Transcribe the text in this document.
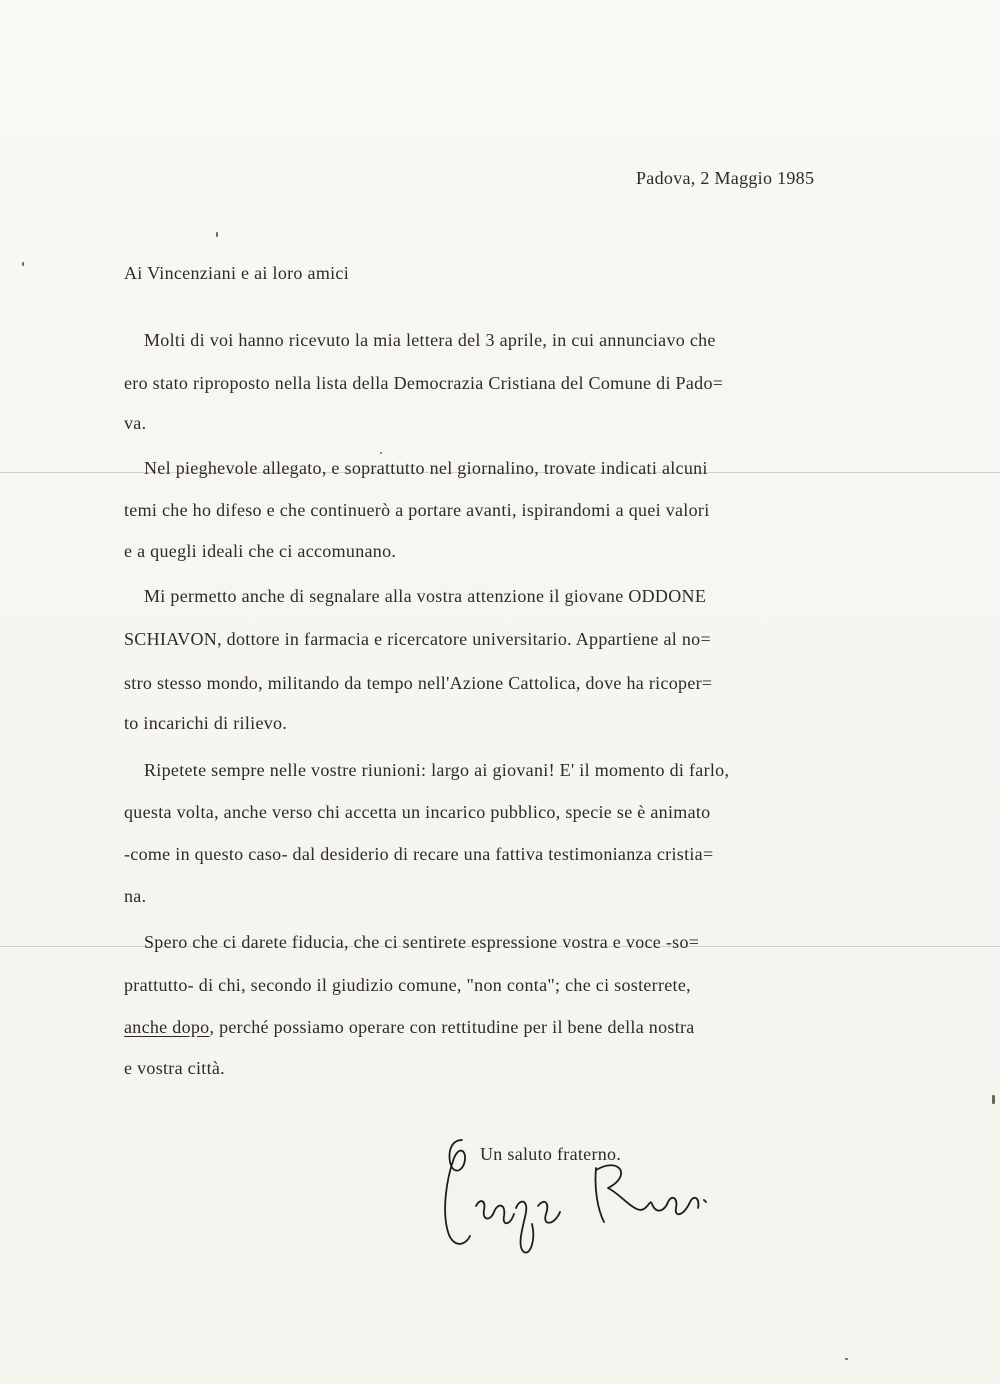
Padova, 2 Maggio 1985
Ai Vincenziani e ai loro amici
Molti di voi hanno ricevuto la mia lettera del 3 aprile, in cui annunciavo che
ero stato riproposto nella lista della Democrazia Cristiana del Comune di Pado=
va.
Nel pieghevole allegato, e soprattutto nel giornalino, trovate indicati alcuni
temi che ho difeso e che continuerò a portare avanti, ispirandomi a quei valori
e a quegli ideali che ci accomunano.
Mi permetto anche di segnalare alla vostra attenzione il giovane ODDONE
SCHIAVON, dottore in farmacia e ricercatore universitario. Appartiene al no=
stro stesso mondo, militando da tempo nell'Azione Cattolica, dove ha ricoper=
to incarichi di rilievo.
Ripetete sempre nelle vostre riunioni: largo ai giovani! E' il momento di farlo,
questa volta, anche verso chi accetta un incarico pubblico, specie se è animato
-come in questo caso- dal desiderio di recare una fattiva testimonianza cristia=
na.
Spero che ci darete fiducia, che ci sentirete espressione vostra e voce -so=
prattutto- di chi, secondo il giudizio comune, "non conta"; che ci sosterrete,
anche dopo, perché possiamo operare con rettitudine per il bene della nostra
e vostra città.
Un saluto fraterno.
